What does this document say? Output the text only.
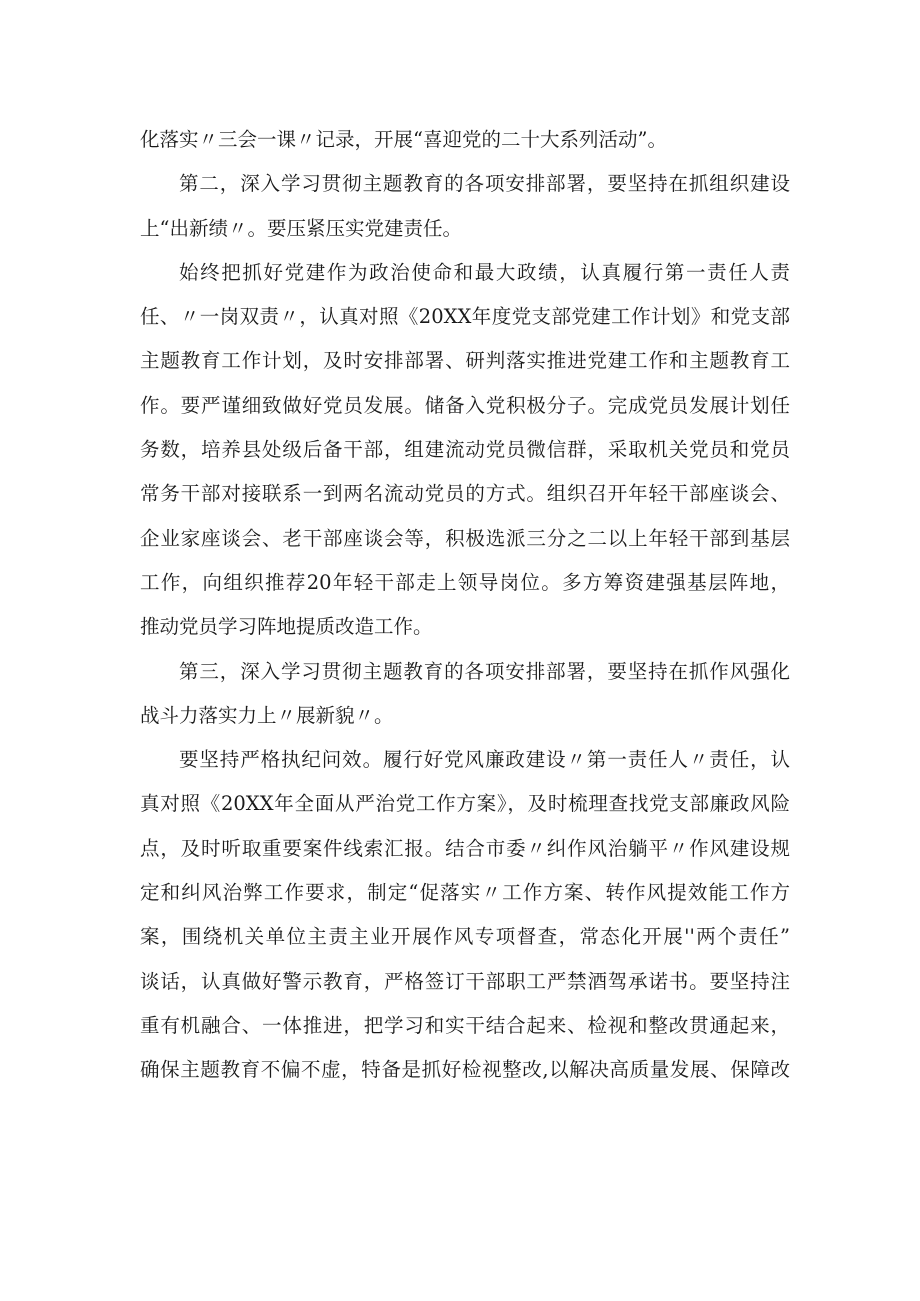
化落实〃三会一课〃记录，开展“喜迎党的二十大系列活动”。
第二，深入学习贯彻主题教育的各项安排部署，要坚持在抓组织建设
上“出新绩〃。要压紧压实党建责任。
始终把抓好党建作为政治使命和最大政绩，认真履行第一责任人责
任、〃一岗双责〃，认真对照《20XX年度党支部党建工作计划》和党支部
主题教育工作计划，及时安排部署、研判落实推进党建工作和主题教育工
作。要严谨细致做好党员发展。储备入党积极分子。完成党员发展计划任
务数，培养县处级后备干部，组建流动党员微信群，采取机关党员和党员
常务干部对接联系一到两名流动党员的方式。组织召开年轻干部座谈会、
企业家座谈会、老干部座谈会等，积极选派三分之二以上年轻干部到基层
工作，向组织推荐20年轻干部走上领导岗位。多方筹资建强基层阵地，
推动党员学习阵地提质改造工作。
第三，深入学习贯彻主题教育的各项安排部署，要坚持在抓作风强化
战斗力落实力上〃展新貌〃。
要坚持严格执纪问效。履行好党风廉政建设〃第一责任人〃责任，认
真对照《20XX年全面从严治党工作方案》，及时梳理查找党支部廉政风险
点，及时听取重要案件线索汇报。结合市委〃纠作风治躺平〃作风建设规
定和纠风治弊工作要求，制定“促落实〃工作方案、转作风提效能工作方
案，围绕机关单位主责主业开展作风专项督查，常态化开展''两个责任”
谈话，认真做好警示教育，严格签订干部职工严禁酒驾承诺书。要坚持注
重有机融合、一体推进，把学习和实干结合起来、检视和整改贯通起来，
确保主题教育不偏不虚，特备是抓好检视整改,以解决高质量发展、保障改
